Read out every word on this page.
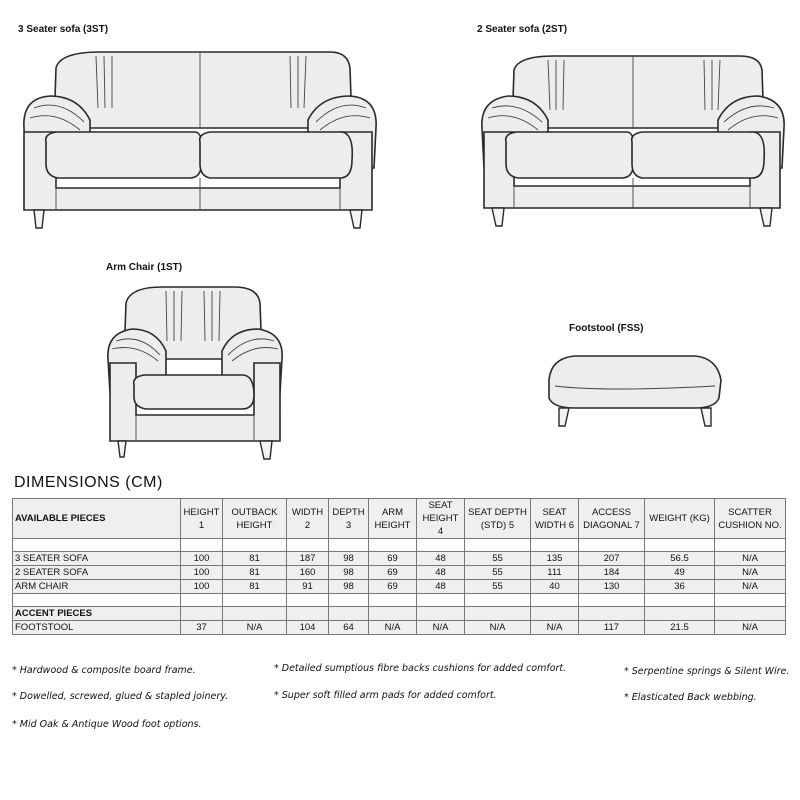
3 Seater sofa (3ST)	2 Seater sofa (2ST)
Arm Chair (1ST)
Footstool (FSS)
DIMENSIONS (CM)
AVAILABLE PIECES	HEIGHT 1	OUTBACK HEIGHT	WIDTH 2	DEPTH 3	ARM HEIGHT	SEAT HEIGHT 4	SEAT DEPTH (STD) 5	SEAT WIDTH 6	ACCESS DIAGONAL 7	WEIGHT (KG)	SCATTER CUSHION NO.

3 SEATER SOFA	100	81	187	98	69	48	55	135	207	56.5	N/A
2 SEATER SOFA	100	81	160	98	69	48	55	111	184	49	N/A
ARM CHAIR	100	81	91	98	69	48	55	40	130	36	N/A

ACCENT PIECES											
FOOTSTOOL	37	N/A	104	64	N/A	N/A	N/A	N/A	117	21.5	N/A
* Hardwood & composite board frame.
* Dowelled, screwed, glued & stapled joinery.
* Mid Oak & Antique Wood foot options.
* Detailed sumptious fibre backs cushions for added comfort.
* Super soft filled arm pads for added comfort.
* Serpentine springs & Silent Wire.
* Elasticated Back webbing.
